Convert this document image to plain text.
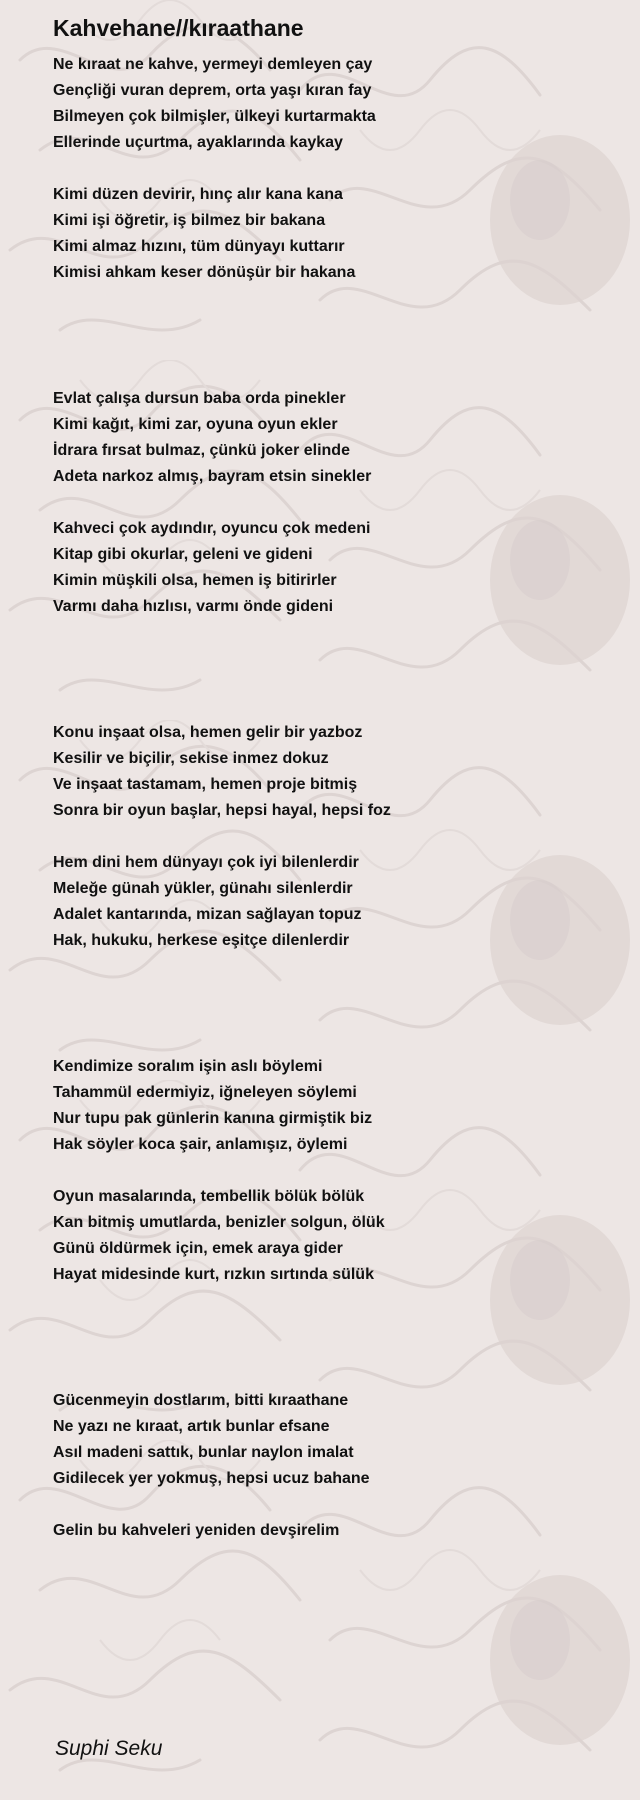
Kahvehane//kıraathane
Ne kıraat ne kahve, yermeyi demleyen çay
Gençliği vuran deprem, orta yaşı kıran fay
Bilmeyen çok bilmişler, ülkeyi kurtarmakta
Ellerinde uçurtma, ayaklarında kaykay
Kimi düzen devirir, hınç alır kana kana
Kimi işi öğretir, iş bilmez bir bakana
Kimi almaz hızını, tüm dünyayı kuttarır
Kimisi ahkam keser dönüşür bir hakana
Evlat çalışa dursun baba orda pinekler
Kimi kağıt, kimi zar, oyuna oyun ekler
İdrara fırsat bulmaz, çünkü joker elinde
Adeta narkoz almış, bayram etsin sinekler
Kahveci çok aydındır, oyuncu çok medeni
Kitap gibi okurlar, geleni ve gideni
Kimin müşkili olsa, hemen iş bitirirler
Varmı daha hızlısı, varmı önde gideni
Konu inşaat olsa, hemen gelir bir yazboz
Kesilir ve biçilir, sekise inmez dokuz
Ve inşaat tastamam, hemen proje bitmiş
Sonra bir oyun başlar, hepsi hayal, hepsi foz
Hem dini hem dünyayı çok iyi bilenlerdir
Meleğe günah yükler, günahı silenlerdir
Adalet kantarında, mizan sağlayan topuz
Hak, hukuku, herkese eşitçe dilenlerdir
Kendimize soralım işin aslı böylemi
Tahammül edermiyiz, iğneleyen söylemi
Nur tupu pak günlerin kanına girmiştik biz
Hak söyler koca şair, anlamışız, öylemi
Oyun masalarında, tembellik bölük bölük
Kan bitmiş umutlarda, benizler solgun, ölük
Günü öldürmek için, emek araya gider
Hayat midesinde kurt, rızkın sırtında sülük
Gücenmeyin dostlarım, bitti kıraathane
Ne yazı ne kıraat, artık bunlar efsane
Asıl madeni sattık, bunlar naylon imalat
Gidilecek yer yokmuş, hepsi ucuz bahane
Gelin bu kahveleri yeniden devşirelim
Suphi Seku
